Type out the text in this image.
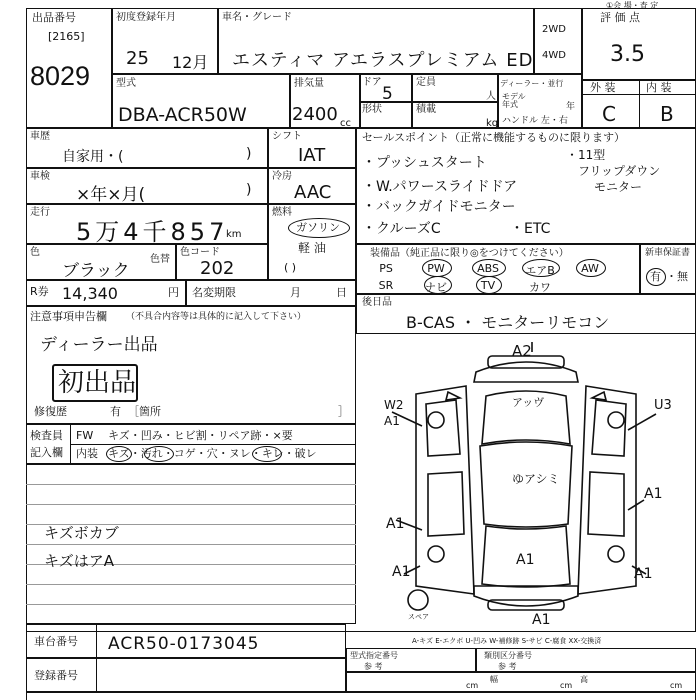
出品番号
[2165]
8029
初度登録年月
25 12月
車名・グレード
エスティマ アエラスプレミアム ED
2WD
4WD
①会 場・査 定
評 価 点
3.5
型式
DBA-ACR50W
排気量
2400 cc
ドア
5
定員
人
形状	積載
kg
ディーラー・並行
モデル年式	年
ハンドル 左・右
外 装	内 装
C B
車歴
自家用・(	)
シフト
IAT
車検
×年×月(	)
冷房
AAC
走行
5万4千857
km
燃料
ガソリン
軽 油
( )
色
ブラック
色替
色コード
202
R券 14,340	円 名変期限	月	日
セールスポイント（正常に機能するものに限ります）
・プッシュスタート	・11型
フリップダウン
モニター
・W.パワースライドドア
・バックガイドモニター
・クルーズC	・ETC
装備品（純正品に限り◎をつけてください）	新車保証書
有 ・無
PS	PW	ABS	エアB	AW
SR	ナビ	TV	カワ
後日品
B-CAS ・ モニターリモコン
注意事項申告欄 （不具合内容等は具体的に記入して下さい）
ディーラー出品
初出品
修復歴	有 ［箇所	］
検査員
記入欄
FW キズ・凹み・ヒビ割・リペア跡・×要
内装 キズ・汚れ・コゲ・穴・ヌレ・キレ・破レ
キズボカブ
キズはアA
A2
アッヴ
W2
A1
U3
ゆアシミ
A1
A1
A1
A1	A1
A1
スペア
A-キズ E-エクボ U-凹み W-補修跡 S-サビ C-腐食 XX-交換済
車台番号 ACR50-0173045
登録番号
型式指定番号
参 考
類別区分番号
参 考
cm
幅
cm
高
cm
